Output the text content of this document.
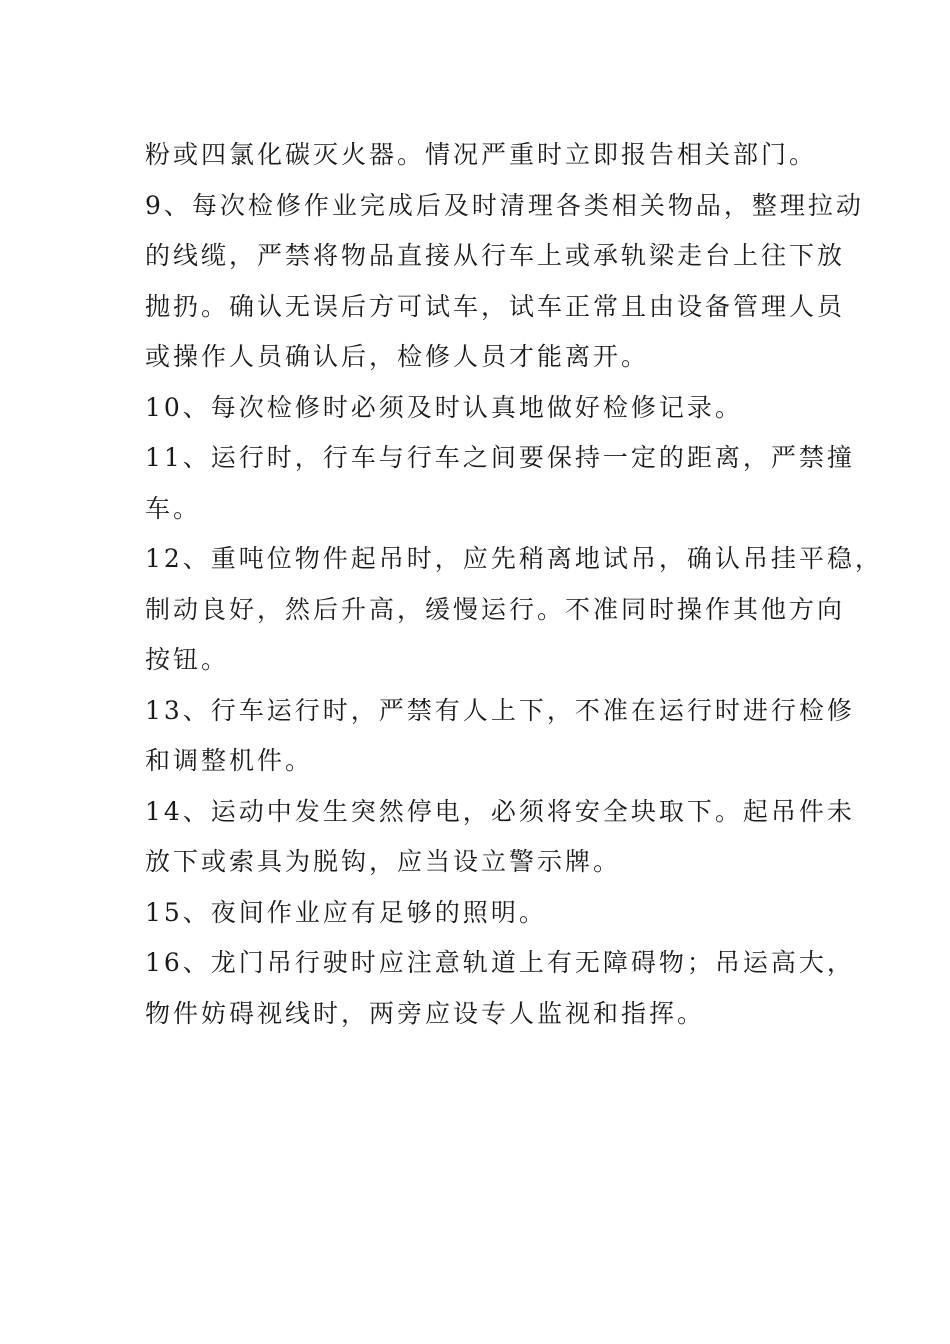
粉或四氯化碳灭火器。情况严重时立即报告相关部门。
9、每次检修作业完成后及时清理各类相关物品，整理拉动
的线缆，严禁将物品直接从行车上或承轨梁走台上往下放
抛扔。确认无误后方可试车，试车正常且由设备管理人员
或操作人员确认后，检修人员才能离开。
10、每次检修时必须及时认真地做好检修记录。
11、运行时，行车与行车之间要保持一定的距离，严禁撞
车。
12、重吨位物件起吊时，应先稍离地试吊，确认吊挂平稳，
制动良好，然后升高，缓慢运行。不准同时操作其他方向
按钮。
13、行车运行时，严禁有人上下，不准在运行时进行检修
和调整机件。
14、运动中发生突然停电，必须将安全块取下。起吊件未
放下或索具为脱钩，应当设立警示牌。
15、夜间作业应有足够的照明。
16、龙门吊行驶时应注意轨道上有无障碍物；吊运高大，
物件妨碍视线时，两旁应设专人监视和指挥。
